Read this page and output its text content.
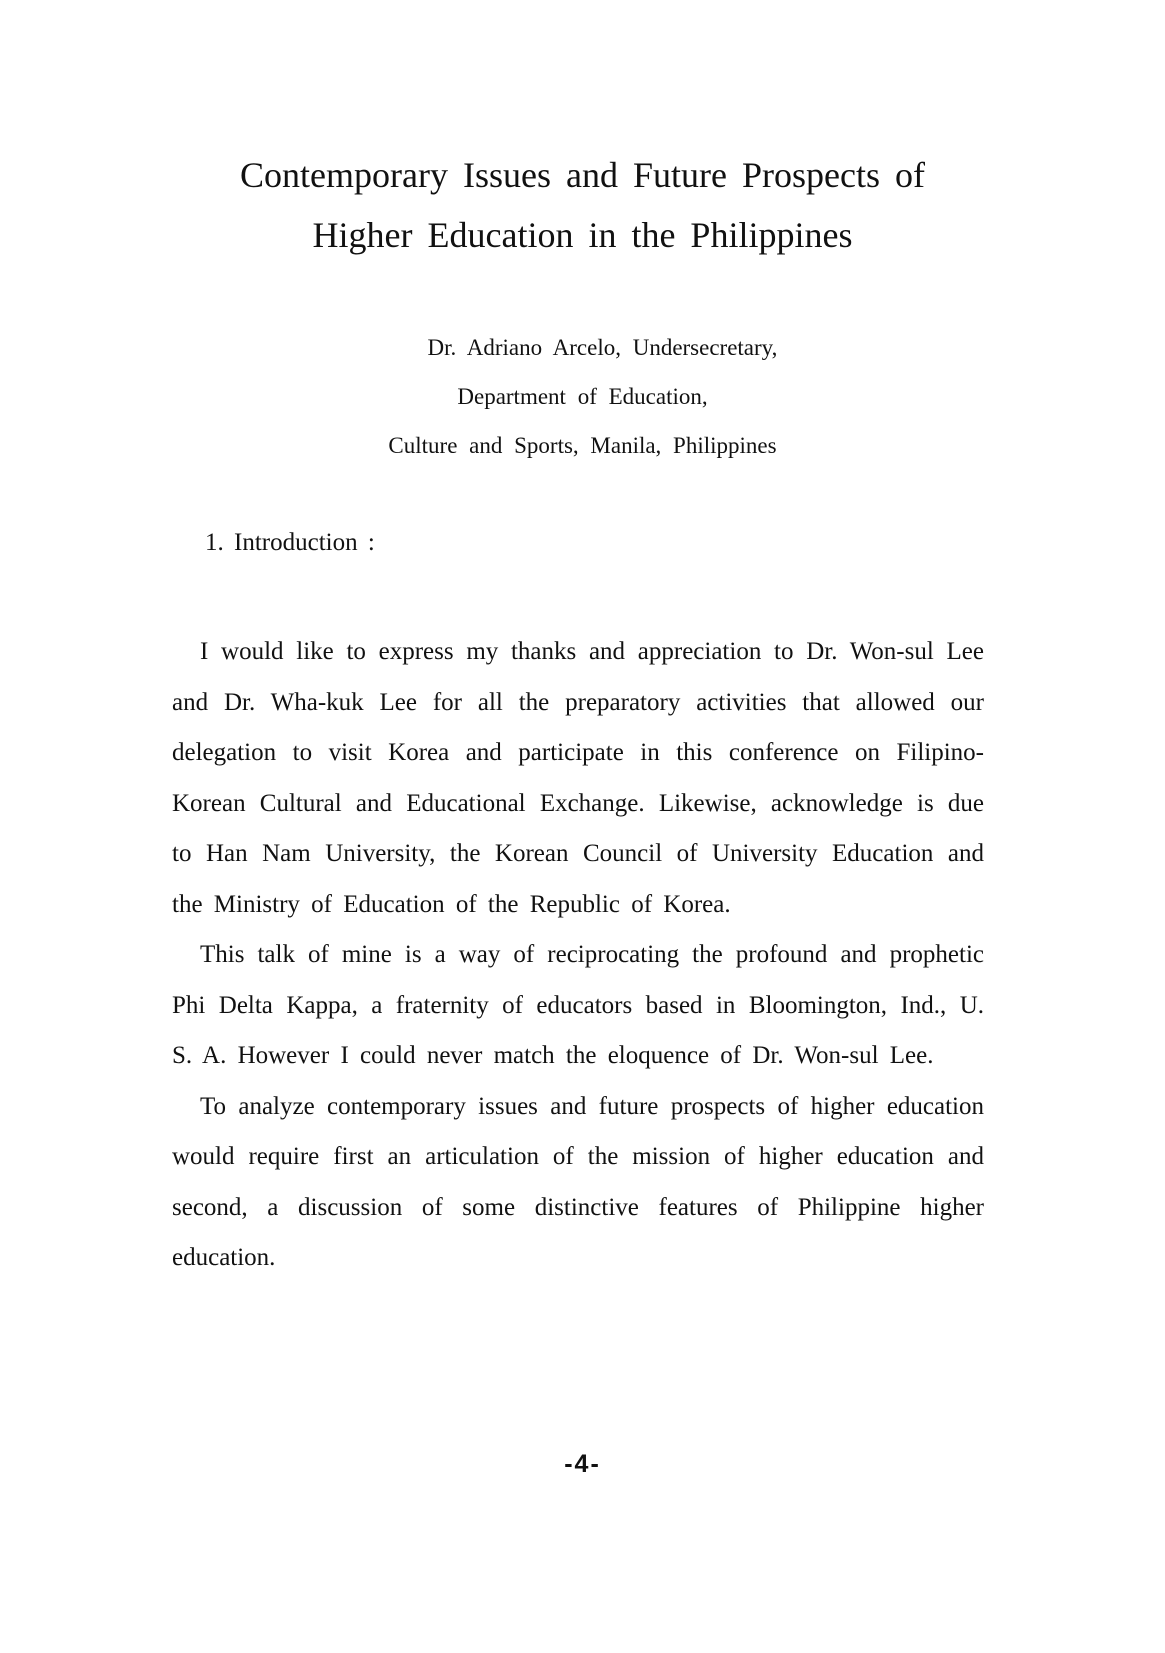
Contemporary Issues and Future Prospects of
Higher Education in the Philippines
Dr. Adriano Arcelo, Undersecretary,
Department of Education,
Culture and Sports, Manila, Philippines
1. Introduction :

I would like to express my thanks and appreciation to Dr. Won-sul Lee and Dr. Wha-kuk Lee for all the preparatory activities that allowed our delegation to visit Korea and participate in this conference on Filipino-Korean Cultural and Educational Exchange. Likewise, acknowledge is due to Han Nam University, the Korean Council of University Education and the Ministry of Education of the Republic of Korea.

This talk of mine is a way of reciprocating the profound and prophetic Phi Delta Kappa, a fraternity of educators based in Bloomington, Ind., U. S. A. However I could never match the eloquence of Dr. Won-sul Lee.

To analyze contemporary issues and future prospects of higher education would require first an articulation of the mission of higher education and second, a discussion of some distinctive features of Philippine higher education.

-4-
